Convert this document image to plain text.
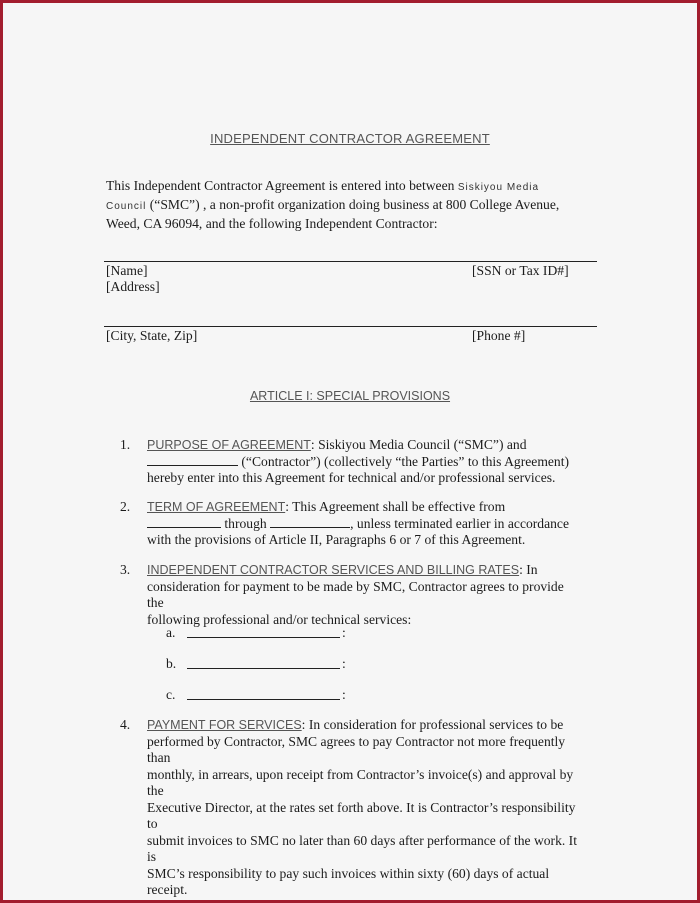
INDEPENDENT CONTRACTOR AGREEMENT
This Independent Contractor Agreement is entered into between Siskiyou Media
Council (“SMC”) , a non-profit organization doing business at 800 College Avenue,
Weed, CA 96094, and the following Independent Contractor:
[Name]	[SSN or Tax ID#]
[Address]
[City, State, Zip]	[Phone #]
ARTICLE I: SPECIAL PROVISIONS
1.	PURPOSE OF AGREEMENT: Siskiyou Media Council (“SMC”) and
(“Contractor”) (collectively “the Parties” to this Agreement)
hereby enter into this Agreement for technical and/or professional services.
2.	TERM OF AGREEMENT: This Agreement shall be effective from
through	, unless terminated earlier in accordance
with the provisions of Article II, Paragraphs 6 or 7 of this Agreement.
3.	INDEPENDENT CONTRACTOR SERVICES AND BILLING RATES: In
consideration for payment to be made by SMC, Contractor agrees to provide the
following professional and/or technical services:
a.	:
b.	:
c.	:
4.	PAYMENT FOR SERVICES: In consideration for professional services to be
performed by Contractor, SMC agrees to pay Contractor not more frequently than
monthly, in arrears, upon receipt from Contractor’s invoice(s) and approval by the
Executive Director, at the rates set forth above. It is Contractor’s responsibility to
submit invoices to SMC no later than 60 days after performance of the work. It is
SMC’s responsibility to pay such invoices within sixty (60) days of actual receipt.
